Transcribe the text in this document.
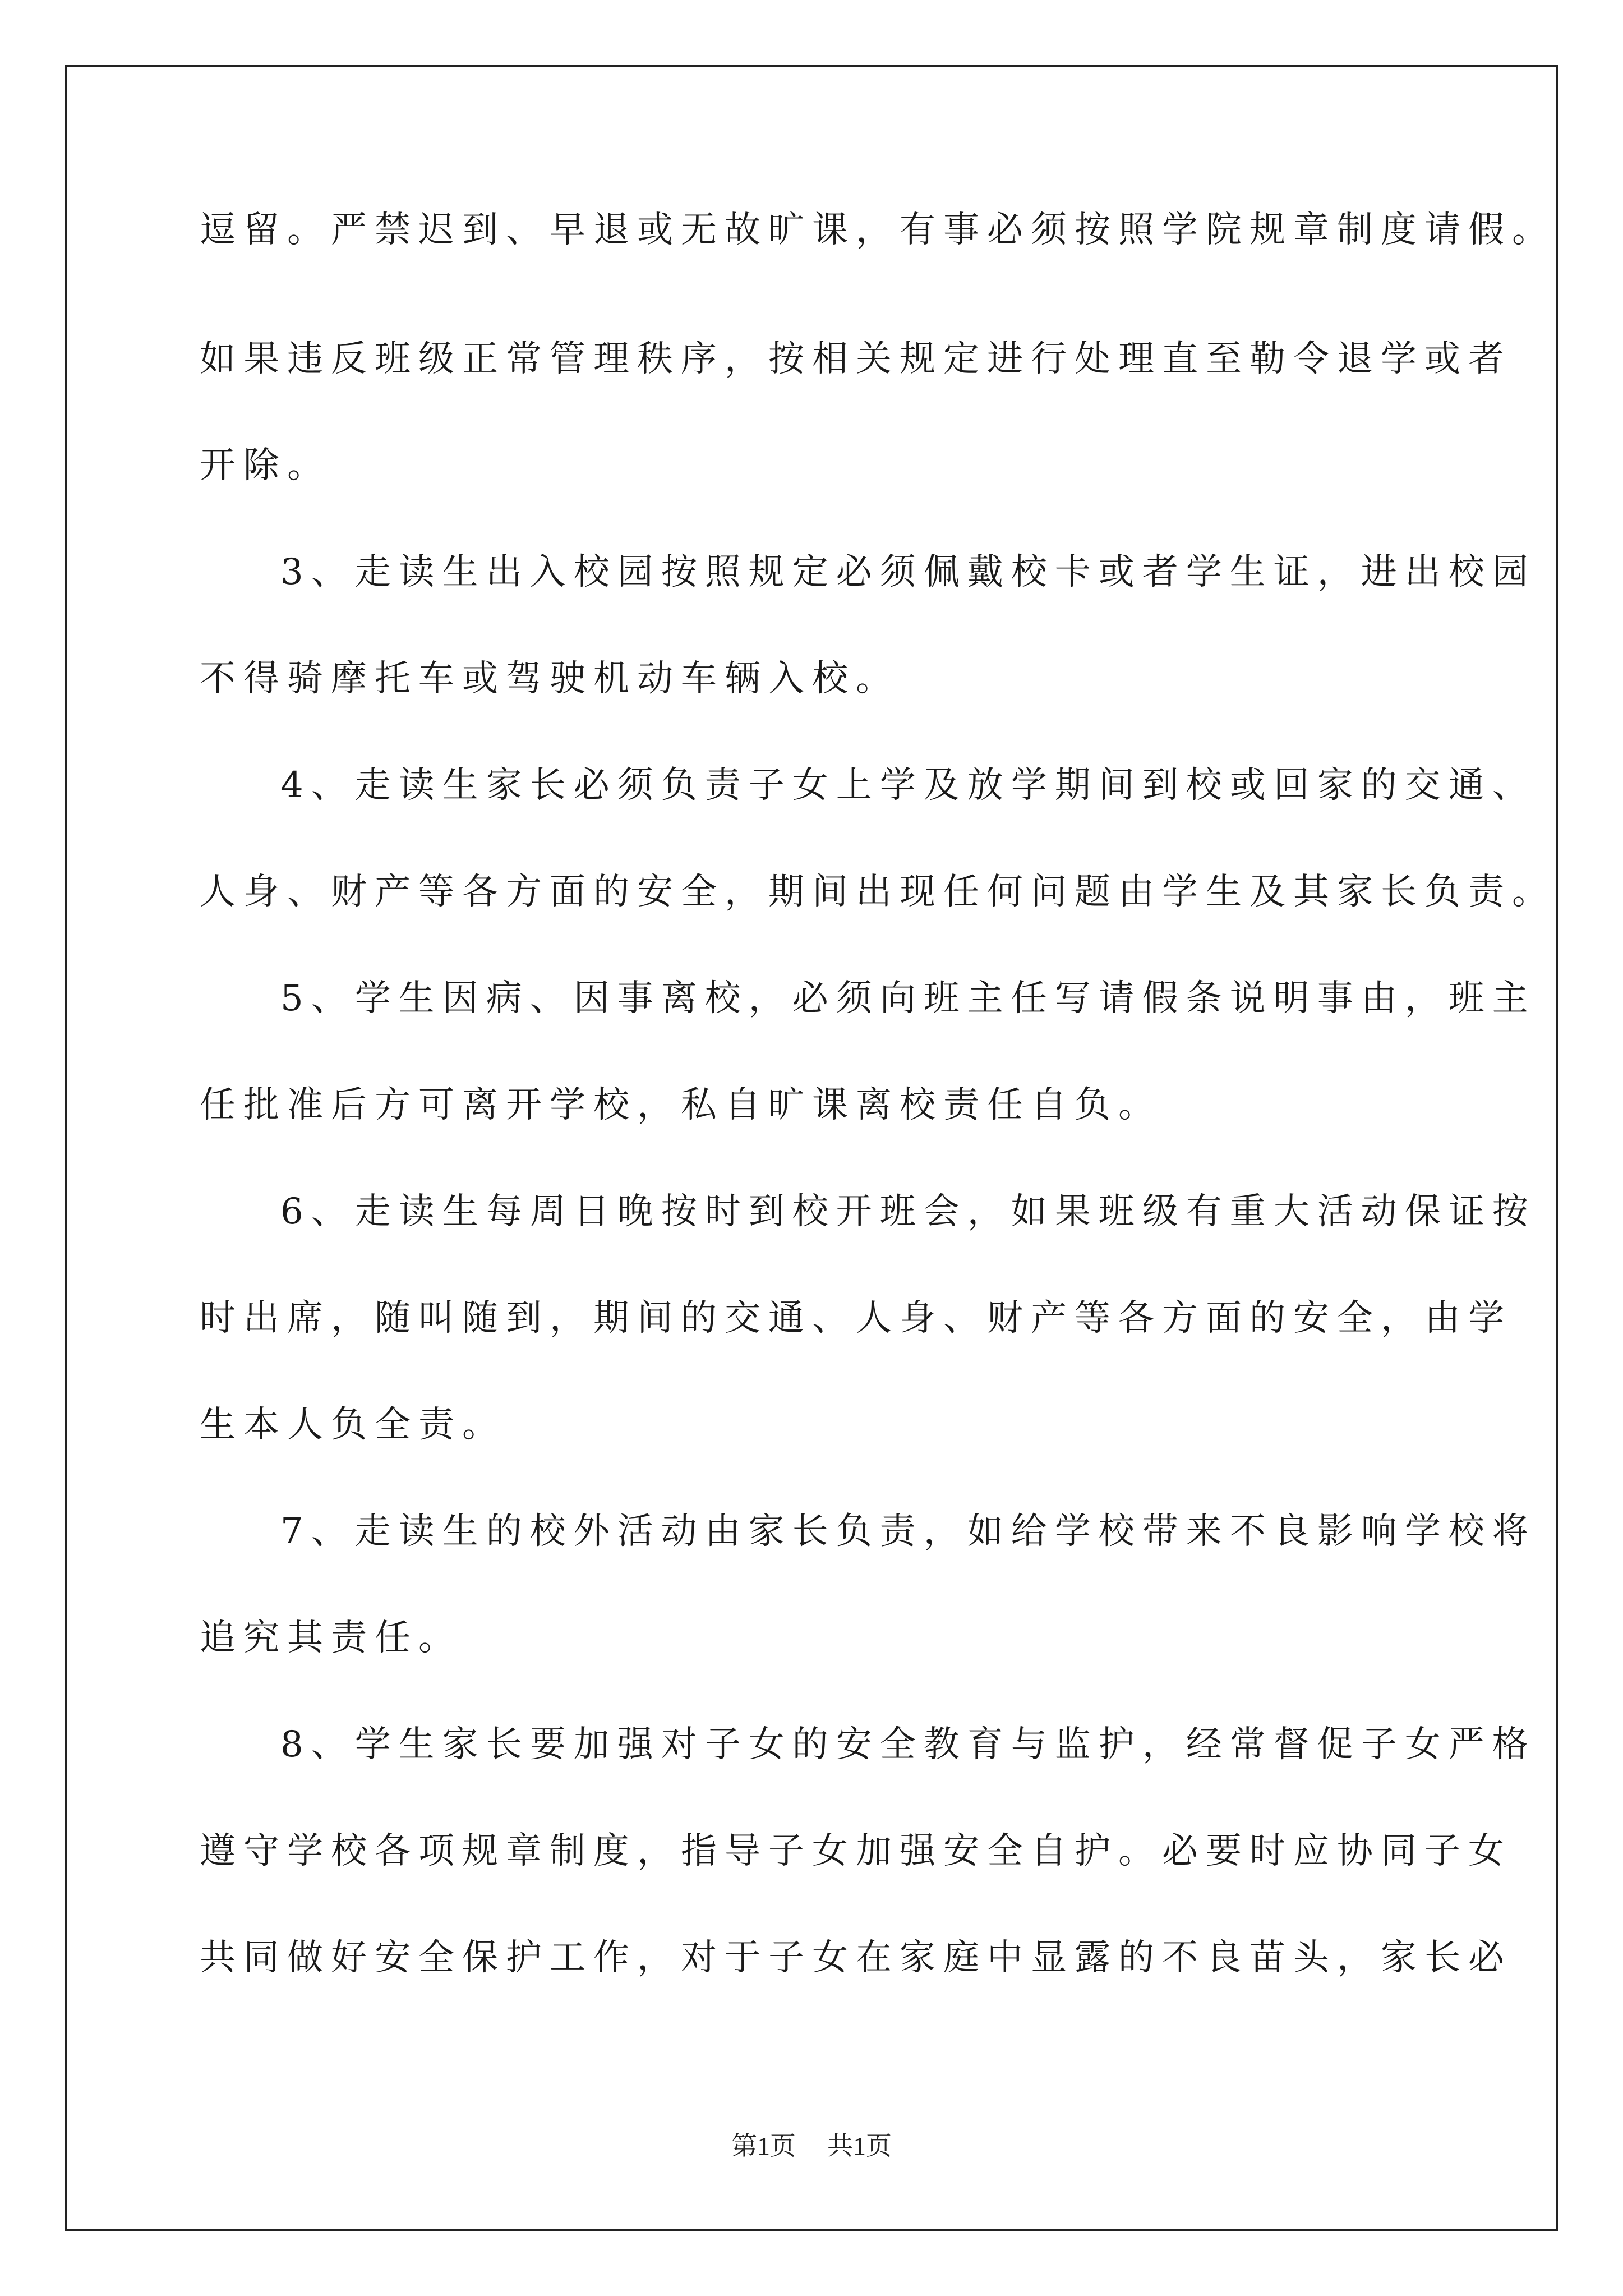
逗留。严禁迟到、早退或无故旷课，有事必须按照学院规章制度请假。
如果违反班级正常管理秩序，按相关规定进行处理直至勒令退学或者
开除。
3、走读生出入校园按照规定必须佩戴校卡或者学生证，进出校园
不得骑摩托车或驾驶机动车辆入校。
4、走读生家长必须负责子女上学及放学期间到校或回家的交通、
人身、财产等各方面的安全，期间出现任何问题由学生及其家长负责。
5、学生因病、因事离校，必须向班主任写请假条说明事由，班主
任批准后方可离开学校，私自旷课离校责任自负。
6、走读生每周日晚按时到校开班会，如果班级有重大活动保证按
时出席，随叫随到，期间的交通、人身、财产等各方面的安全，由学
生本人负全责。
7、走读生的校外活动由家长负责，如给学校带来不良影响学校将
追究其责任。
8、学生家长要加强对子女的安全教育与监护，经常督促子女严格
遵守学校各项规章制度，指导子女加强安全自护。必要时应协同子女
共同做好安全保护工作，对于子女在家庭中显露的不良苗头，家长必
第1页 共1页
